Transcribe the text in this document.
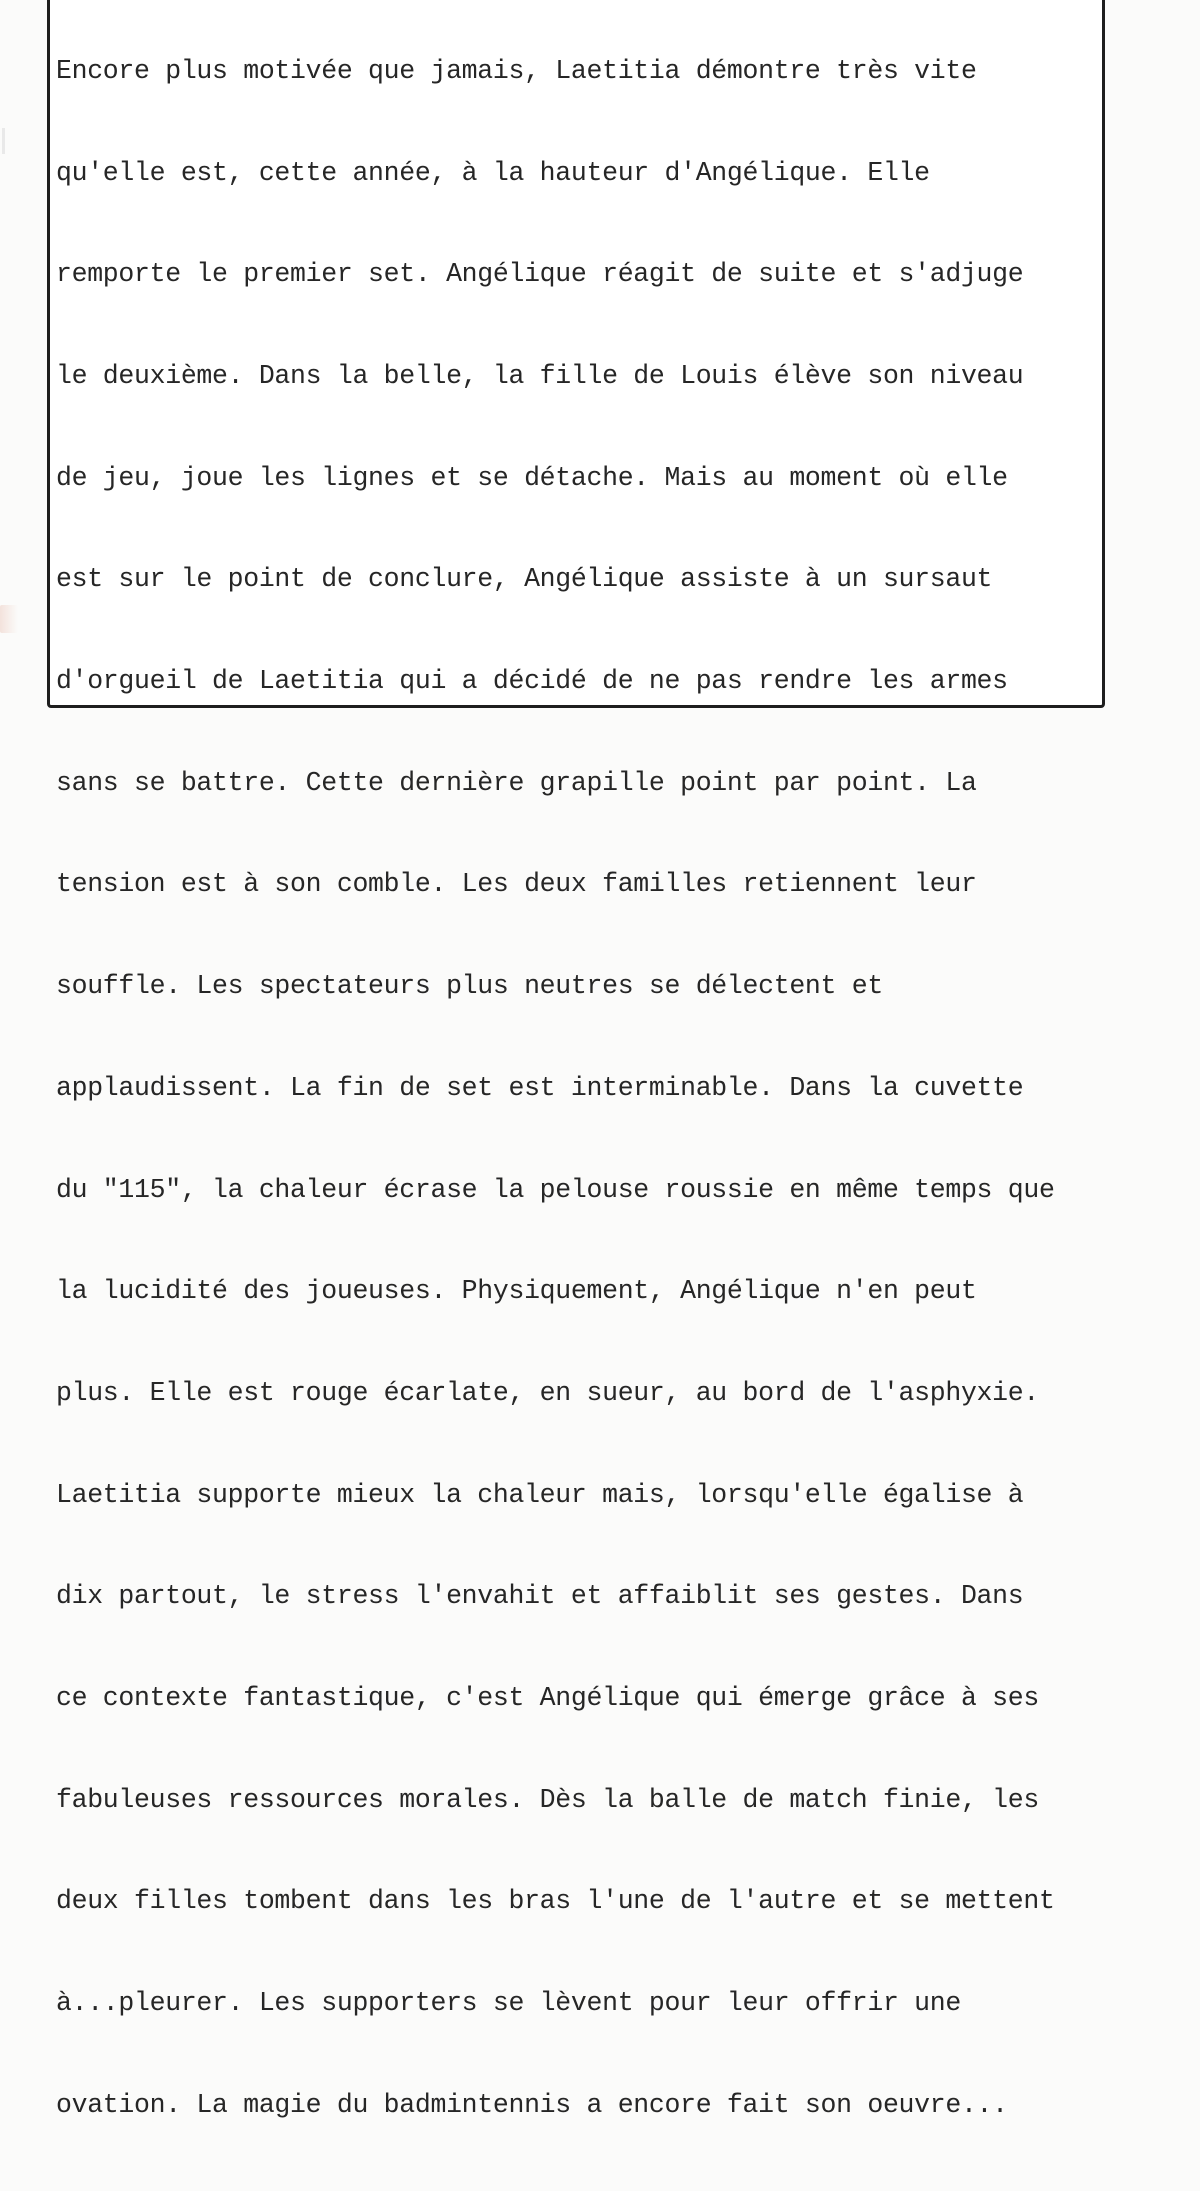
Encore plus motivée que jamais, Laetitia démontre très vite

qu'elle est, cette année, à la hauteur d'Angélique. Elle

remporte le premier set. Angélique réagit de suite et s'adjuge

le deuxième. Dans la belle, la fille de Louis élève son niveau

de jeu, joue les lignes et se détache. Mais au moment où elle

est sur le point de conclure, Angélique assiste à un sursaut

d'orgueil de Laetitia qui a décidé de ne pas rendre les armes

sans se battre. Cette dernière grapille point par point. La

tension est à son comble. Les deux familles retiennent leur

souffle. Les spectateurs plus neutres se délectent et

applaudissent. La fin de set est interminable. Dans la cuvette

du "115", la chaleur écrase la pelouse roussie en même temps que

la lucidité des joueuses. Physiquement, Angélique n'en peut

plus. Elle est rouge écarlate, en sueur, au bord de l'asphyxie.

Laetitia supporte mieux la chaleur mais, lorsqu'elle égalise à

dix partout, le stress l'envahit et affaiblit ses gestes. Dans

ce contexte fantastique, c'est Angélique qui émerge grâce à ses

fabuleuses ressources morales. Dès la balle de match finie, les

deux filles tombent dans les bras l'une de l'autre et se mettent

à...pleurer. Les supporters se lèvent pour leur offrir une

ovation. La magie du badmintennis a encore fait son oeuvre...
